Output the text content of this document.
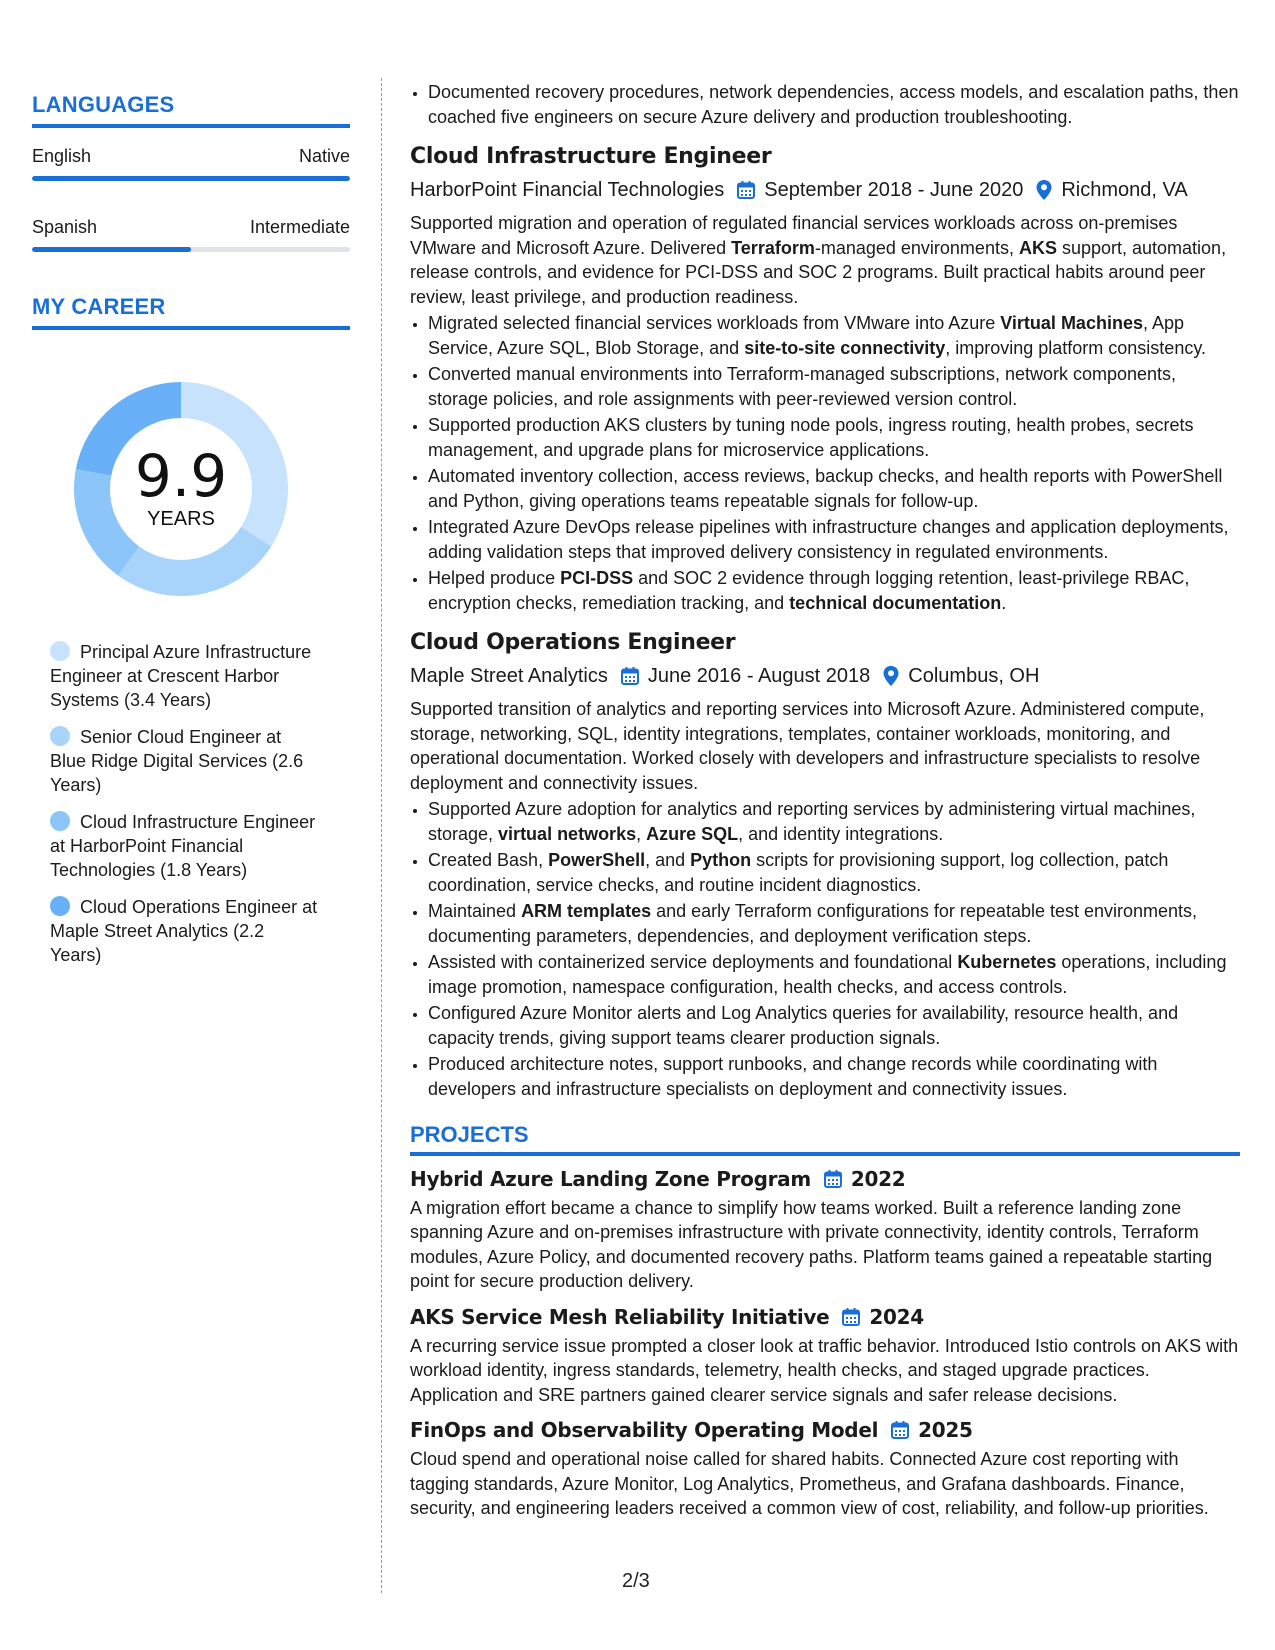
LANGUAGES
English	Native
Spanish	Intermediate
MY CAREER
9.9
YEARS
Principal Azure Infrastructure Engineer at Crescent Harbor Systems (3.4 Years)
Senior Cloud Engineer at Blue Ridge Digital Services (2.6 Years)
Cloud Infrastructure Engineer at HarborPoint Financial Technologies (1.8 Years)
Cloud Operations Engineer at Maple Street Analytics (2.2 Years)
• Documented recovery procedures, network dependencies, access models, and escalation paths, then coached five engineers on secure Azure delivery and production troubleshooting.
Cloud Infrastructure Engineer
HarborPoint Financial Technologies September 2018 - June 2020 Richmond, VA

Supported migration and operation of regulated financial services workloads across on-premises VMware and Microsoft Azure. Delivered Terraform-managed environments, AKS support, automation, release controls, and evidence for PCI-DSS and SOC 2 programs. Built practical habits around peer review, least privilege, and production readiness.

• Migrated selected financial services workloads from VMware into Azure Virtual Machines, App Service, Azure SQL, Blob Storage, and site-to-site connectivity, improving platform consistency.
• Converted manual environments into Terraform-managed subscriptions, network components, storage policies, and role assignments with peer-reviewed version control.
• Supported production AKS clusters by tuning node pools, ingress routing, health probes, secrets management, and upgrade plans for microservice applications.
• Automated inventory collection, access reviews, backup checks, and health reports with PowerShell and Python, giving operations teams repeatable signals for follow-up.
• Integrated Azure DevOps release pipelines with infrastructure changes and application deployments, adding validation steps that improved delivery consistency in regulated environments.
• Helped produce PCI-DSS and SOC 2 evidence through logging retention, least-privilege RBAC, encryption checks, remediation tracking, and technical documentation.
Cloud Operations Engineer
Maple Street Analytics June 2016 - August 2018 Columbus, OH

Supported transition of analytics and reporting services into Microsoft Azure. Administered compute, storage, networking, SQL, identity integrations, templates, container workloads, monitoring, and operational documentation. Worked closely with developers and infrastructure specialists to resolve deployment and connectivity issues.

• Supported Azure adoption for analytics and reporting services by administering virtual machines, storage, virtual networks, Azure SQL, and identity integrations.
• Created Bash, PowerShell, and Python scripts for provisioning support, log collection, patch coordination, service checks, and routine incident diagnostics.
• Maintained ARM templates and early Terraform configurations for repeatable test environments, documenting parameters, dependencies, and deployment verification steps.
• Assisted with containerized service deployments and foundational Kubernetes operations, including image promotion, namespace configuration, health checks, and access controls.
• Configured Azure Monitor alerts and Log Analytics queries for availability, resource health, and capacity trends, giving support teams clearer production signals.
• Produced architecture notes, support runbooks, and change records while coordinating with developers and infrastructure specialists on deployment and connectivity issues.
PROJECTS
Hybrid Azure Landing Zone Program 2022

A migration effort became a chance to simplify how teams worked. Built a reference landing zone spanning Azure and on-premises infrastructure with private connectivity, identity controls, Terraform modules, Azure Policy, and documented recovery paths. Platform teams gained a repeatable starting point for secure production delivery.

AKS Service Mesh Reliability Initiative 2024

A recurring service issue prompted a closer look at traffic behavior. Introduced Istio controls on AKS with workload identity, ingress standards, telemetry, health checks, and staged upgrade practices. Application and SRE partners gained clearer service signals and safer release decisions.

FinOps and Observability Operating Model 2025

Cloud spend and operational noise called for shared habits. Connected Azure cost reporting with tagging standards, Azure Monitor, Log Analytics, Prometheus, and Grafana dashboards. Finance, security, and engineering leaders received a common view of cost, reliability, and follow-up priorities.

2/3
